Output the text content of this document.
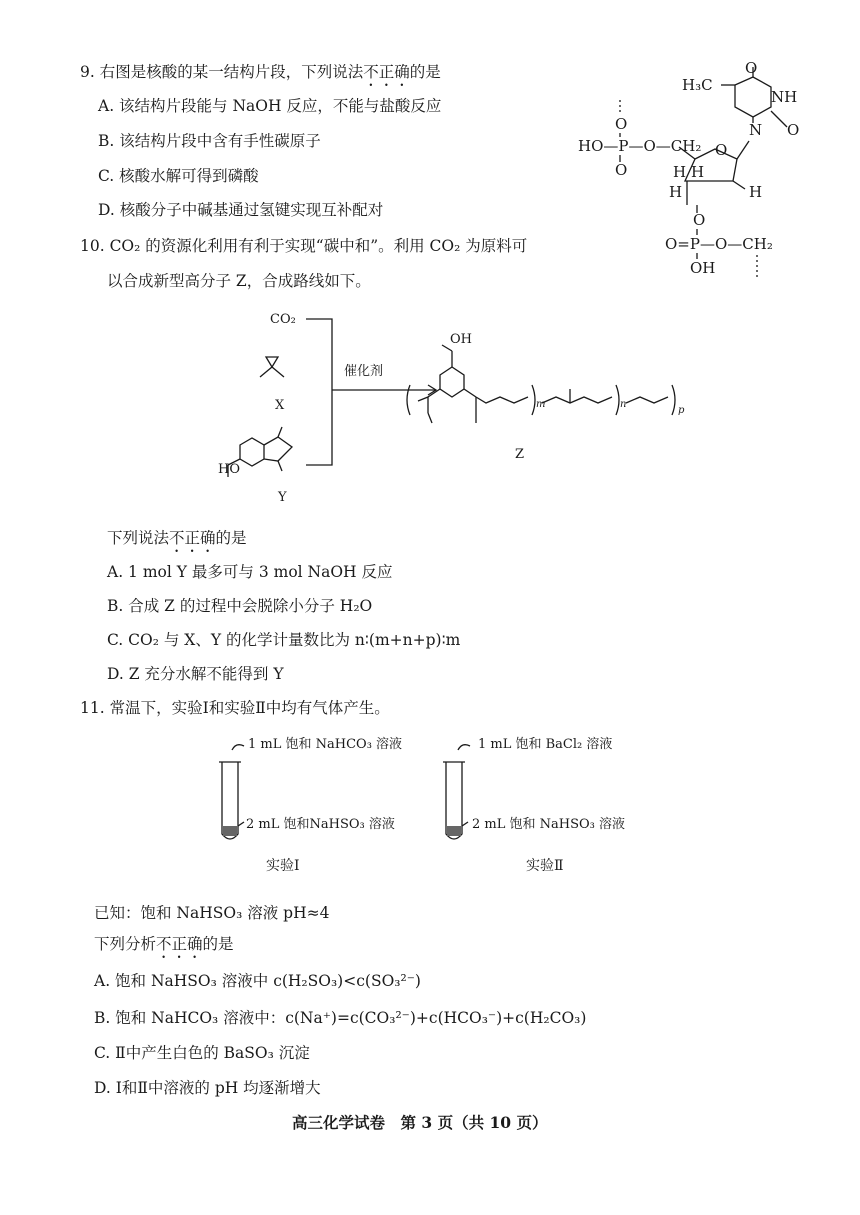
9. 右图是核酸的某一结构片段，下列说法不正确的是
A. 该结构片段能与 NaOH 反应，不能与盐酸反应
B. 该结构片段中含有手性碳原子
C. 核酸水解可得到磷酸
D. 核酸分子中碱基通过氢键实现互补配对
H₃C
O
NH
O
N
O
HO—P—O—CH₂
O
O
H H
H	H
O
O=P—O—CH₂
OH
10. CO₂ 的资源化利用有利于实现“碳中和”。利用 CO₂ 为原料可
以合成新型高分子 Z，合成路线如下。
CO₂
X
HO
Y
催化剂
OH
Z
m	n
p
下列说法不正确的是
A. 1 mol Y 最多可与 3 mol NaOH 反应
B. 合成 Z 的过程中会脱除小分子 H₂O
C. CO₂ 与 X、Y 的化学计量数比为 n∶(m+n+p)∶m
D. Z 充分水解不能得到 Y
11. 常温下，实验Ⅰ和实验Ⅱ中均有气体产生。
1 mL 饱和 NaHCO₃ 溶液
2 mL 饱和NaHSO₃ 溶液
实验Ⅰ
1 mL 饱和 BaCl₂ 溶液
2 mL 饱和 NaHSO₃ 溶液
实验Ⅱ
已知：饱和 NaHSO₃ 溶液 pH≈4
下列分析不正确的是
A. 饱和 NaHSO₃ 溶液中 c(H₂SO₃)<c(SO₃²⁻)
B. 饱和 NaHCO₃ 溶液中：c(Na⁺)=c(CO₃²⁻)+c(HCO₃⁻)+c(H₂CO₃)
C. Ⅱ中产生白色的 BaSO₃ 沉淀
D. Ⅰ和Ⅱ中溶液的 pH 均逐渐增大
高三化学试卷　第 3 页（共 10 页）
